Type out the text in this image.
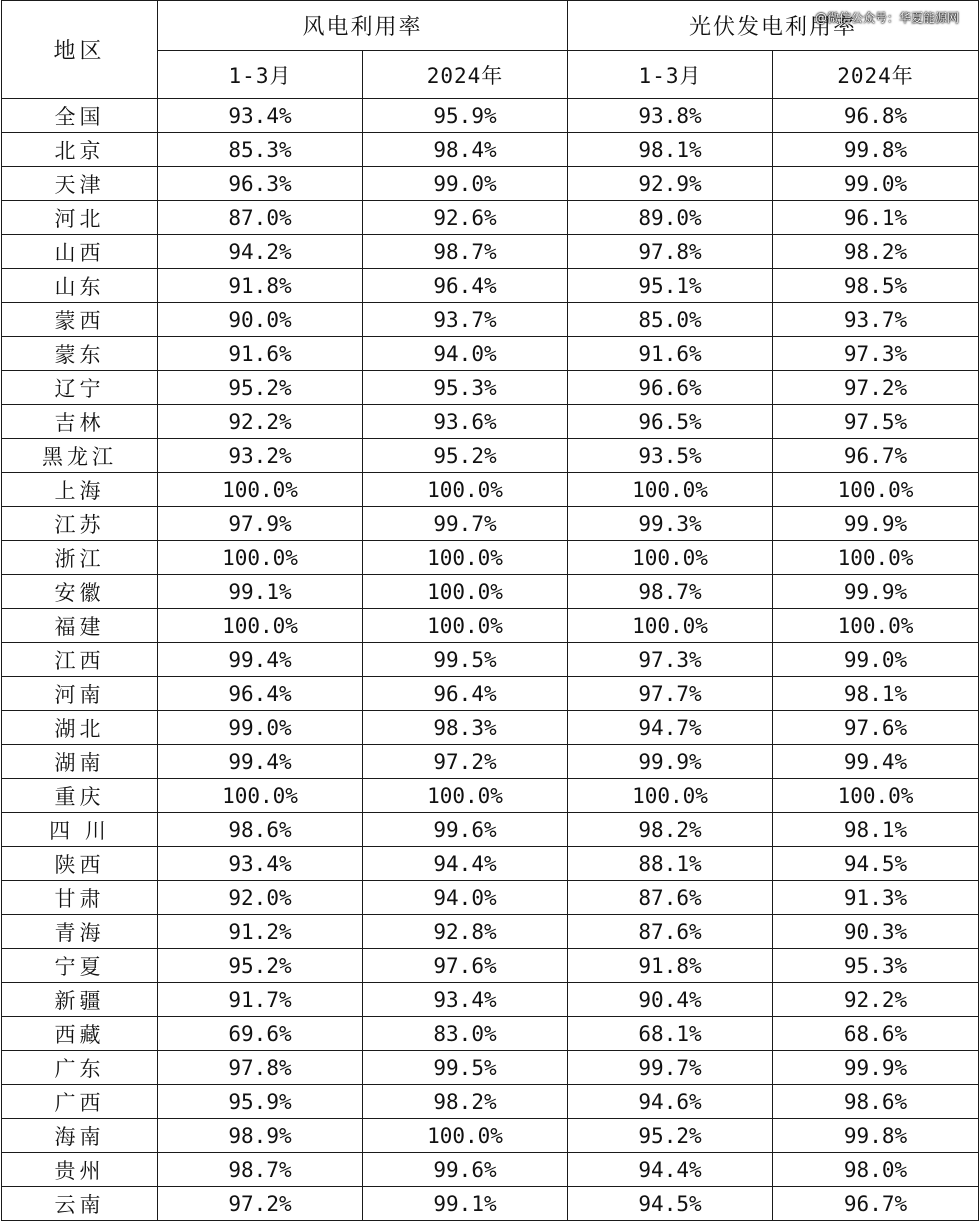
@微信公众号：华夏能源网
地区	风电利用率		光伏发电利用率	
	1-3月	2024年	1-3月	2024年
全国	93.4%	95.9%	93.8%	96.8%
北京	85.3%	98.4%	98.1%	99.8%
天津	96.3%	99.0%	92.9%	99.0%
河北	87.0%	92.6%	89.0%	96.1%
山西	94.2%	98.7%	97.8%	98.2%
山东	91.8%	96.4%	95.1%	98.5%
蒙西	90.0%	93.7%	85.0%	93.7%
蒙东	91.6%	94.0%	91.6%	97.3%
辽宁	95.2%	95.3%	96.6%	97.2%
吉林	92.2%	93.6%	96.5%	97.5%
黑龙江	93.2%	95.2%	93.5%	96.7%
上海	100.0%	100.0%	100.0%	100.0%
江苏	97.9%	99.7%	99.3%	99.9%
浙江	100.0%	100.0%	100.0%	100.0%
安徽	99.1%	100.0%	98.7%	99.9%
福建	100.0%	100.0%	100.0%	100.0%
江西	99.4%	99.5%	97.3%	99.0%
河南	96.4%	96.4%	97.7%	98.1%
湖北	99.0%	98.3%	94.7%	97.6%
湖南	99.4%	97.2%	99.9%	99.4%
重庆	100.0%	100.0%	100.0%	100.0%
四 川	98.6%	99.6%	98.2%	98.1%
陕西	93.4%	94.4%	88.1%	94.5%
甘肃	92.0%	94.0%	87.6%	91.3%
青海	91.2%	92.8%	87.6%	90.3%
宁夏	95.2%	97.6%	91.8%	95.3%
新疆	91.7%	93.4%	90.4%	92.2%
西藏	69.6%	83.0%	68.1%	68.6%
广东	97.8%	99.5%	99.7%	99.9%
广西	95.9%	98.2%	94.6%	98.6%
海南	98.9%	100.0%	95.2%	99.8%
贵州	98.7%	99.6%	94.4%	98.0%
云南	97.2%	99.1%	94.5%	96.7%
